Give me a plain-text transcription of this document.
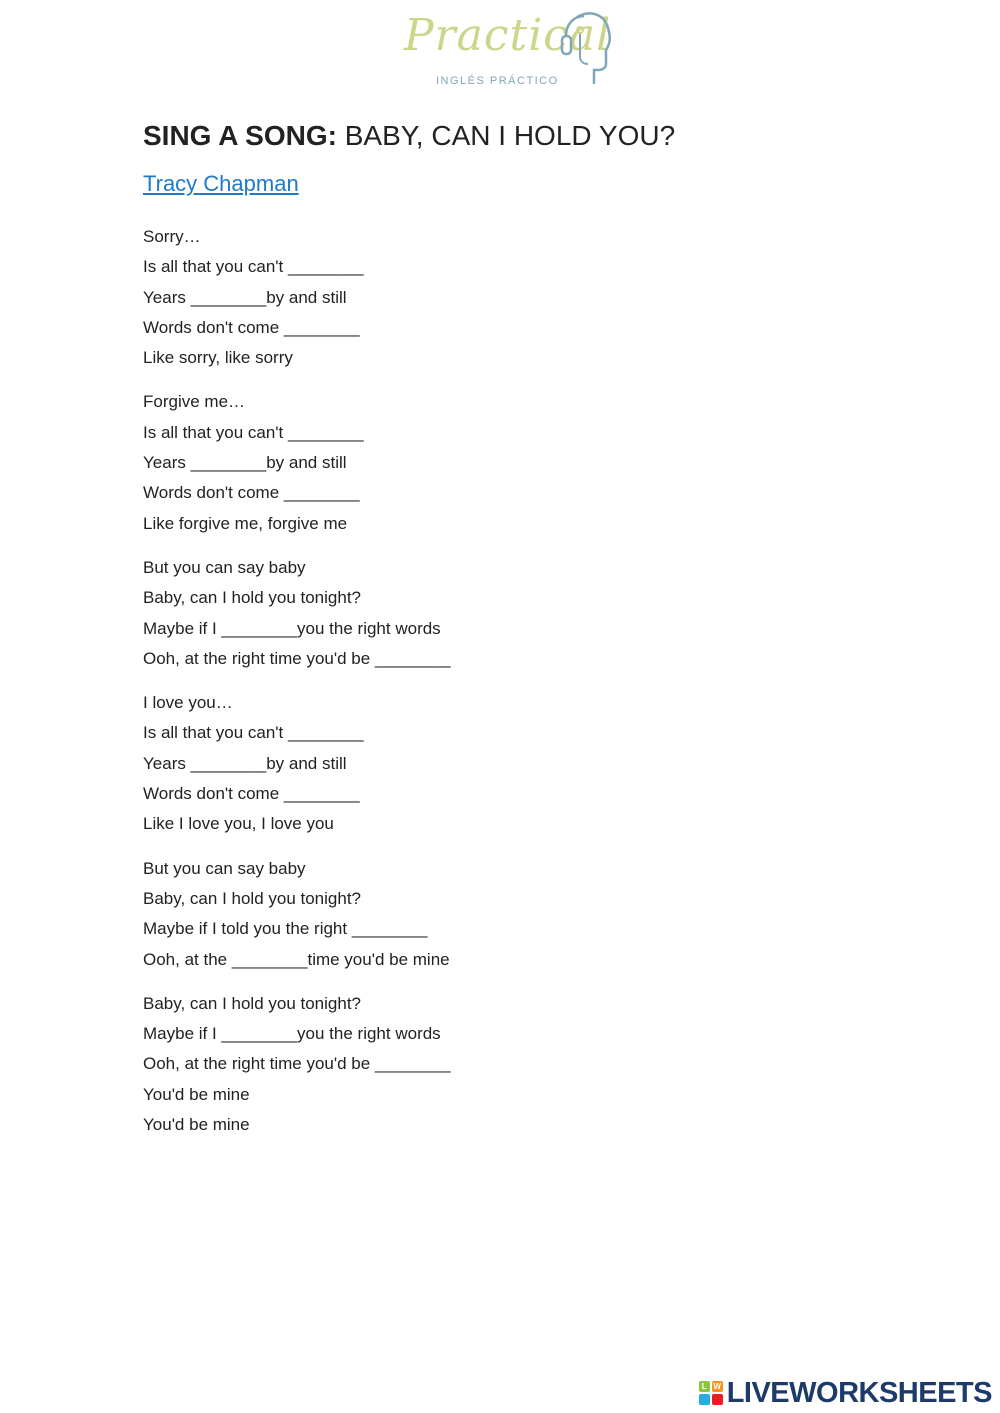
Practical
INGLÉS PRÁCTICO
SING A SONG: BABY, CAN I HOLD YOU?
Tracy Chapman
Sorry…
Is all that you can't ________
Years ________by and still
Words don't come ________
Like sorry, like sorry
Forgive me…
Is all that you can't ________
Years ________by and still
Words don't come ________
Like forgive me, forgive me
But you can say baby
Baby, can I hold you tonight?
Maybe if I ________you the right words
Ooh, at the right time you'd be ________
I love you…
Is all that you can't ________
Years ________by and still
Words don't come ________
Like I love you, I love you
But you can say baby
Baby, can I hold you tonight?
Maybe if I told you the right ________
Ooh, at the ________time you'd be mine
Baby, can I hold you tonight?
Maybe if I ________you the right words
Ooh, at the right time you'd be ________
You'd be mine
You'd be mine
L W LIVEWORKSHEETS
